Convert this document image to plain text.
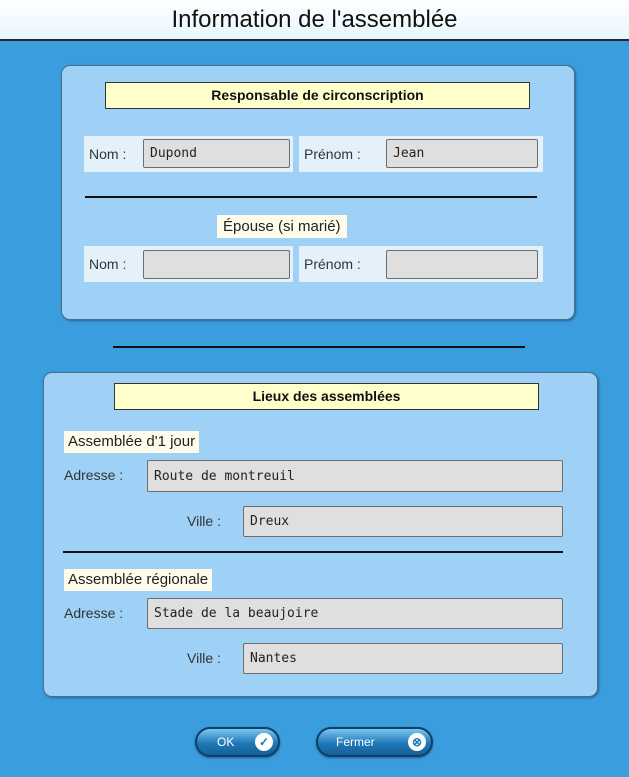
Information de l'assemblée
Responsable de circonscription
Nom :	Dupond	Prénom :	Jean
Épouse (si marié)
Nom :	Prénom :
Lieux des assemblées
Assemblée d'1 jour
Adresse :	Route de montreuil
Ville :	Dreux
Assemblée régionale
Adresse :	Stade de la beaujoire
Ville :	Nantes
OK	✓	Fermer	⊗
